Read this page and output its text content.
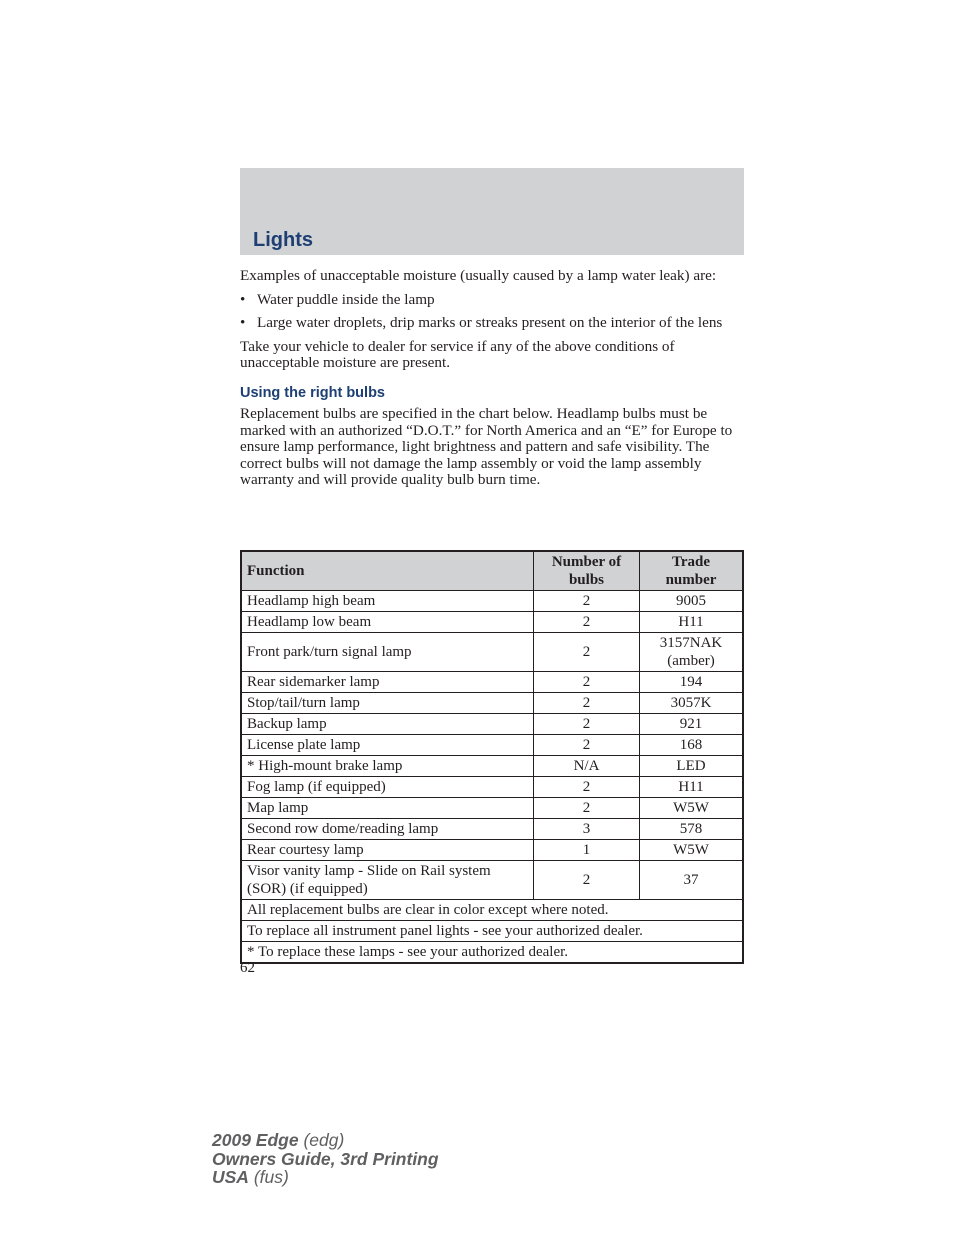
Lights

Examples of unacceptable moisture (usually caused by a lamp water leak) are:

• Water puddle inside the lamp
• Large water droplets, drip marks or streaks present on the interior of the lens

Take your vehicle to dealer for service if any of the above conditions of unacceptable moisture are present.

Using the right bulbs

Replacement bulbs are specified in the chart below. Headlamp bulbs must be marked with an authorized “D.O.T.” for North America and an “E” for Europe to ensure lamp performance, light brightness and pattern and safe visibility. The correct bulbs will not damage the lamp assembly or void the lamp assembly warranty and will provide quality bulb burn time.

Function	Number of bulbs	Trade number
Headlamp high beam	2	9005
Headlamp low beam	2	H11
Front park/turn signal lamp	2	3157NAK (amber)
Rear sidemarker lamp	2	194
Stop/tail/turn lamp	2	3057K
Backup lamp	2	921
License plate lamp	2	168
* High-mount brake lamp	N/A	LED
Fog lamp (if equipped)	2	H11
Map lamp	2	W5W
Second row dome/reading lamp	3	578
Rear courtesy lamp	1	W5W
Visor vanity lamp - Slide on Rail system (SOR) (if equipped)	2	37
All replacement bulbs are clear in color except where noted.		
To replace all instrument panel lights - see your authorized dealer.		
* To replace these lamps - see your authorized dealer.		
62
2009 Edge (edg)
Owners Guide, 3rd Printing
USA (fus)
